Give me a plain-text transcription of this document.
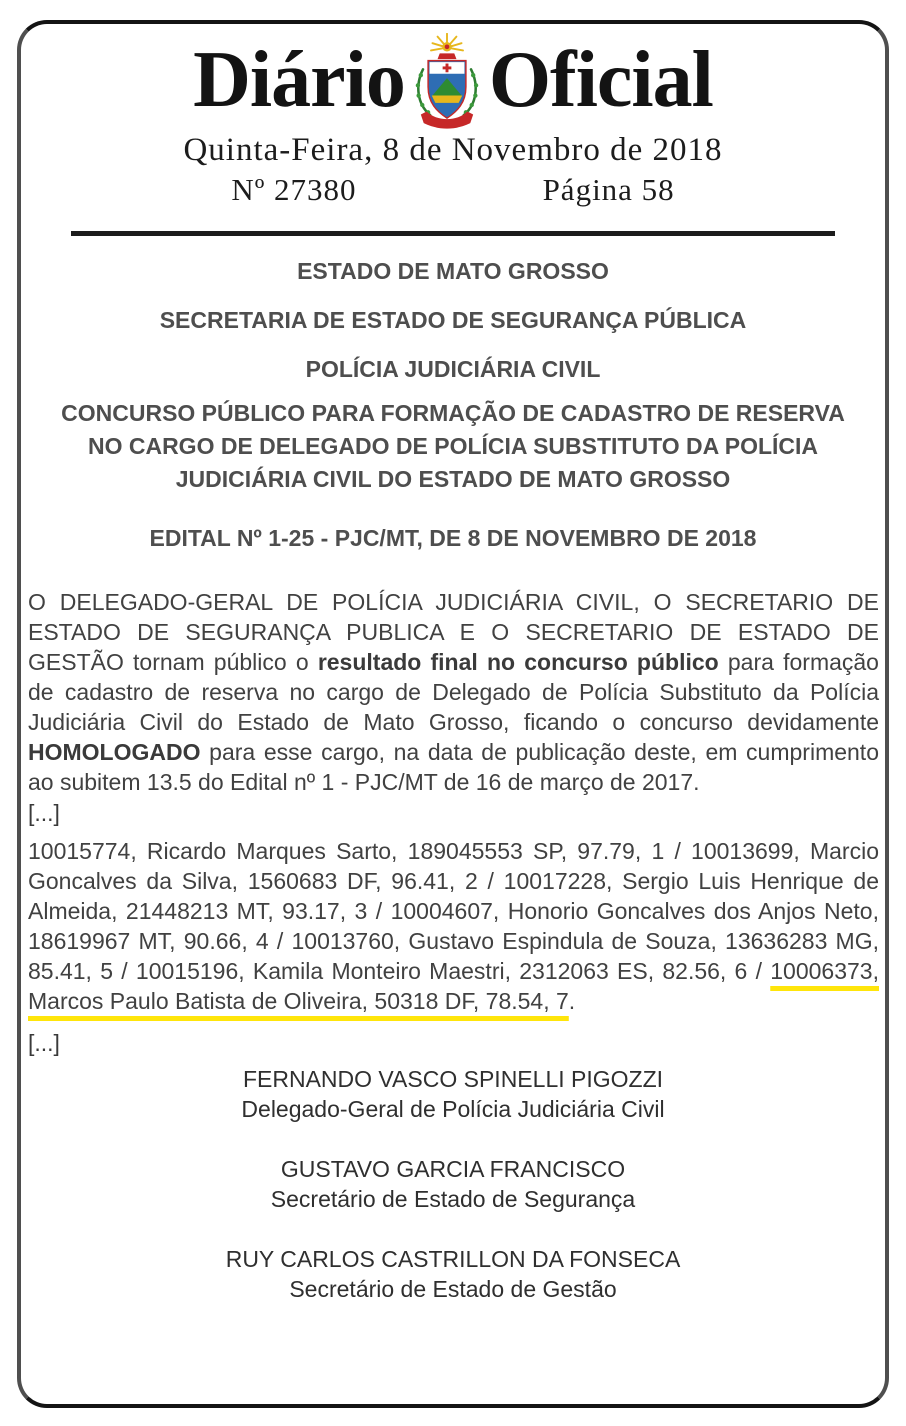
Diário Oficial
Quinta-Feira, 8 de Novembro de 2018
Nº 27380	Página 58
ESTADO DE MATO GROSSO
SECRETARIA DE ESTADO DE SEGURANÇA PÚBLICA
POLÍCIA JUDICIÁRIA CIVIL
CONCURSO PÚBLICO PARA FORMAÇÃO DE CADASTRO DE RESERVA NO CARGO DE DELEGADO DE POLÍCIA SUBSTITUTO DA POLÍCIA JUDICIÁRIA CIVIL DO ESTADO DE MATO GROSSO
EDITAL Nº 1-25 - PJC/MT, DE 8 DE NOVEMBRO DE 2018

O DELEGADO-GERAL DE POLÍCIA JUDICIÁRIA CIVIL, O SECRETARIO DE ESTADO DE SEGURANÇA PUBLICA E O SECRETARIO DE ESTADO DE GESTÃO tornam público o resultado final no concurso público para formação de cadastro de reserva no cargo de Delegado de Polícia Substituto da Polícia Judiciária Civil do Estado de Mato Grosso, ficando o concurso devidamente HOMOLOGADO para esse cargo, na data de publicação deste, em cumprimento ao subitem 13.5 do Edital nº 1 - PJC/MT de 16 de março de 2017.

[...]

10015774, Ricardo Marques Sarto, 189045553 SP, 97.79, 1 / 10013699, Marcio Goncalves da Silva, 1560683 DF, 96.41, 2 / 10017228, Sergio Luis Henrique de Almeida, 21448213 MT, 93.17, 3 / 10004607, Honorio Goncalves dos Anjos Neto, 18619967 MT, 90.66, 4 / 10013760, Gustavo Espindula de Souza, 13636283 MG, 85.41, 5 / 10015196, Kamila Monteiro Maestri, 2312063 ES, 82.56, 6 / 10006373, Marcos Paulo Batista de Oliveira, 50318 DF, 78.54, 7.

[...]

FERNANDO VASCO SPINELLI PIGOZZI
Delegado-Geral de Polícia Judiciária Civil
GUSTAVO GARCIA FRANCISCO
Secretário de Estado de Segurança
RUY CARLOS CASTRILLON DA FONSECA
Secretário de Estado de Gestão
